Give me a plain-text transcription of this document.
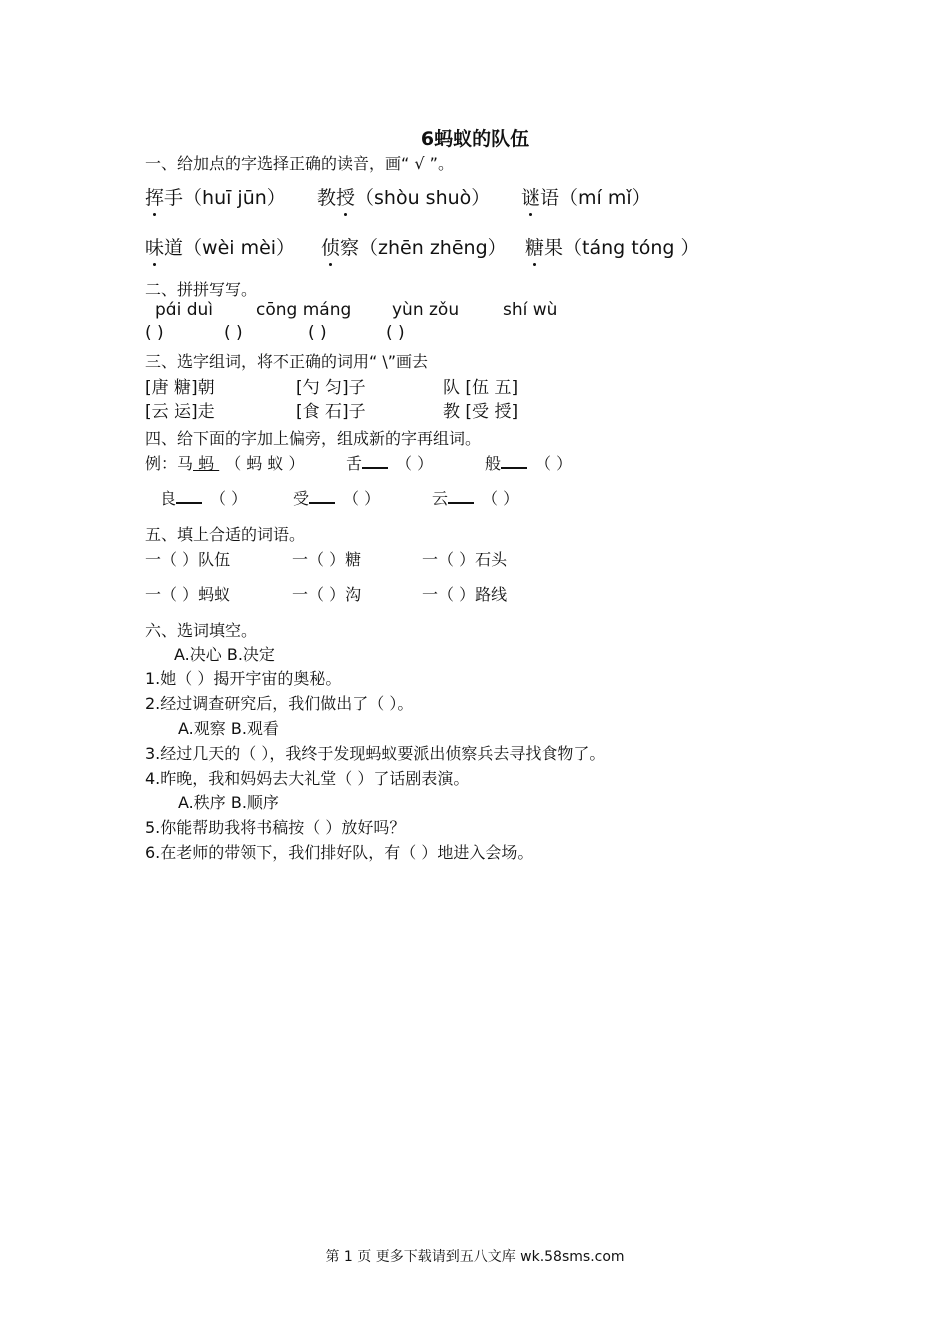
6蚂蚁的队伍
一、给加点的字选择正确的读音，画“ √ ”。
挥手（huī jūn） 教授（shòu shuò） 谜语（mí mǐ）
味道（wèi mèi） 侦察（zhēn zhēng） 糖果（táng tóng ）
二、拼拼写写。
pɑ́i duì	cōng máng yùn zǒu	shí wù
( )	( )	( )	( )
三、选字组词，将不正确的词用“ \”画去
[唐 糖]朝	[勺 匀]子	队 [伍 五]
[云 运]走	[食 石]子	教 [受 授]
四、给下面的字加上偏旁，组成新的字再组词。
例：马 蚂 （ 蚂 蚁 ）	舌 （ ）	般 （ ）
良 （ ）	受 （ ）	云 （ ）
五、填上合适的词语。
一（ ）队伍	一（ ）糖	一（ ）石头
一（ ）蚂蚁	一（ ）沟	一（ ）路线
六、选词填空。
A.决心 B.决定
1.她（ ）揭开宇宙的奥秘。
2.经过调查研究后，我们做出了（ ）。
A.观察 B.观看
3.经过几天的（ ），我终于发现蚂蚁要派出侦察兵去寻找食物了。
4.昨晚，我和妈妈去大礼堂（ ）了话剧表演。
A.秩序 B.顺序
5.你能帮助我将书稿按（ ）放好吗？
6.在老师的带领下，我们排好队，有（ ）地进入会场。
第 1 页 更多下载请到五八文库 wk.58sms.com
